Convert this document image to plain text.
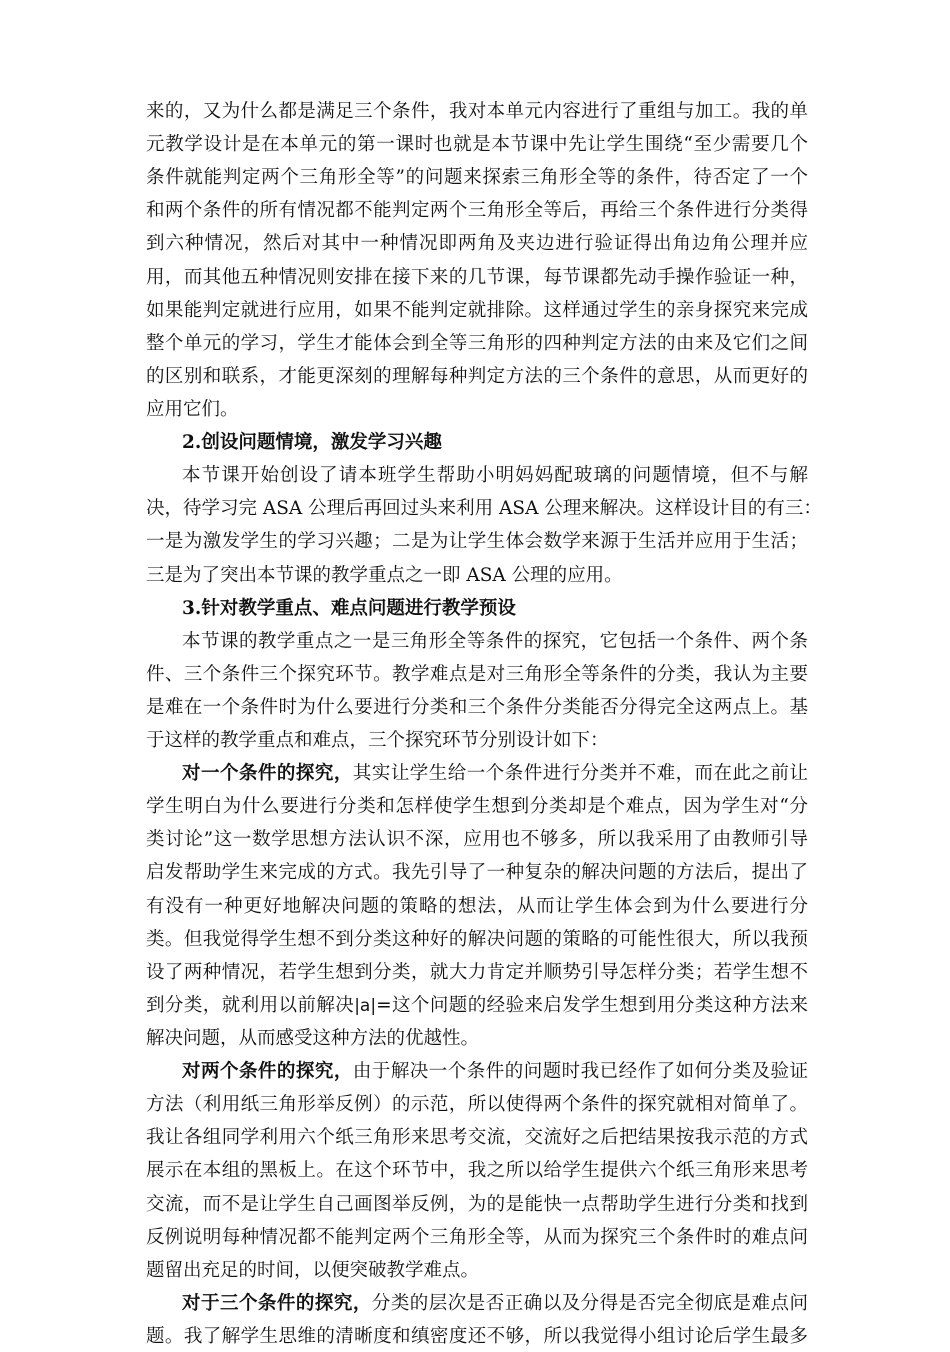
来的，又为什么都是满足三个条件，我对本单元内容进行了重组与加工。我的单
元教学设计是在本单元的第一课时也就是本节课中先让学生围绕“至少需要几个
条件就能判定两个三角形全等”的问题来探索三角形全等的条件，待否定了一个
和两个条件的所有情况都不能判定两个三角形全等后，再给三个条件进行分类得
到六种情况，然后对其中一种情况即两角及夹边进行验证得出角边角公理并应
用，而其他五种情况则安排在接下来的几节课，每节课都先动手操作验证一种，
如果能判定就进行应用，如果不能判定就排除。这样通过学生的亲身探究来完成
整个单元的学习，学生才能体会到全等三角形的四种判定方法的由来及它们之间
的区别和联系，才能更深刻的理解每种判定方法的三个条件的意思，从而更好的
应用它们。
2.创设问题情境，激发学习兴趣
本节课开始创设了请本班学生帮助小明妈妈配玻璃的问题情境，但不与解
决，待学习完 ASA 公理后再回过头来利用 ASA 公理来解决。这样设计目的有三：
一是为激发学生的学习兴趣；二是为让学生体会数学来源于生活并应用于生活；
三是为了突出本节课的教学重点之一即 ASA 公理的应用。
3.针对教学重点、难点问题进行教学预设
本节课的教学重点之一是三角形全等条件的探究，它包括一个条件、两个条
件、三个条件三个探究环节。教学难点是对三角形全等条件的分类，我认为主要
是难在一个条件时为什么要进行分类和三个条件分类能否分得完全这两点上。基
于这样的教学重点和难点，三个探究环节分别设计如下：
对一个条件的探究，其实让学生给一个条件进行分类并不难，而在此之前让
学生明白为什么要进行分类和怎样使学生想到分类却是个难点，因为学生对“分
类讨论”这一数学思想方法认识不深，应用也不够多，所以我采用了由教师引导
启发帮助学生来完成的方式。我先引导了一种复杂的解决问题的方法后，提出了
有没有一种更好地解决问题的策略的想法，从而让学生体会到为什么要进行分
类。但我觉得学生想不到分类这种好的解决问题的策略的可能性很大，所以我预
设了两种情况，若学生想到分类，就大力肯定并顺势引导怎样分类；若学生想不
到分类，就利用以前解决|a|=这个问题的经验来启发学生想到用分类这种方法来
解决问题，从而感受这种方法的优越性。
对两个条件的探究，由于解决一个条件的问题时我已经作了如何分类及验证
方法（利用纸三角形举反例）的示范，所以使得两个条件的探究就相对简单了。
我让各组同学利用六个纸三角形来思考交流，交流好之后把结果按我示范的方式
展示在本组的黑板上。在这个环节中，我之所以给学生提供六个纸三角形来思考
交流，而不是让学生自己画图举反例，为的是能快一点帮助学生进行分类和找到
反例说明每种情况都不能判定两个三角形全等，从而为探究三个条件时的难点问
题留出充足的时间，以便突破教学难点。
对于三个条件的探究，分类的层次是否正确以及分得是否完全彻底是难点问
题。我了解学生思维的清晰度和缜密度还不够，所以我觉得小组讨论后学生最多
